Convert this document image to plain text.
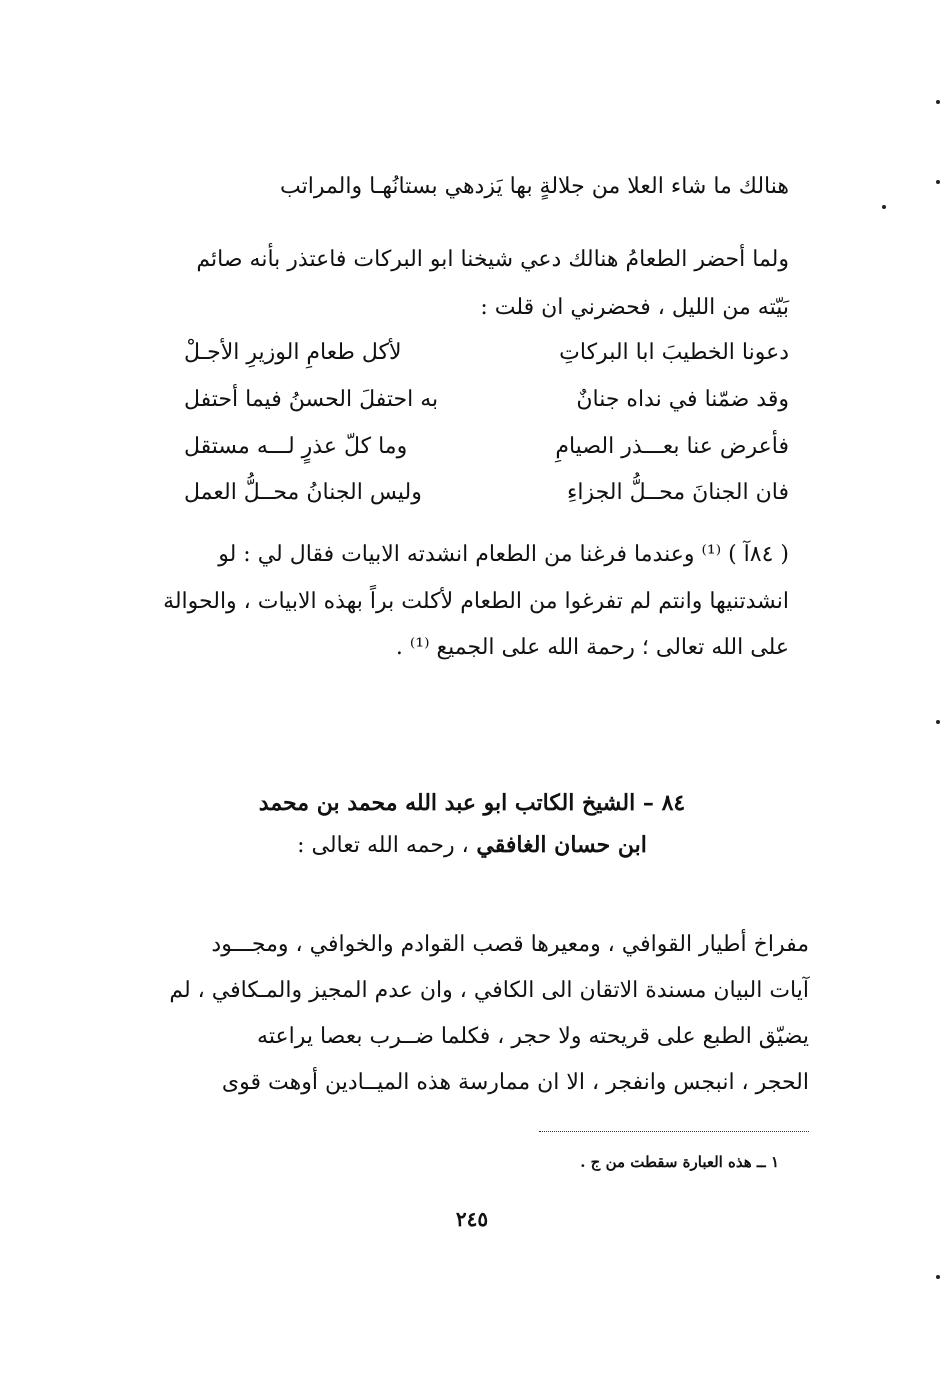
هنالك ما شاء العلا من جلالةٍ بها يَزدهي بستانُهـا والمراتب
ولما أحضر الطعامُ هنالك دعي شيخنا ابو البركات فاعتذر بأنه صائم
بَيّته من الليل ، فحضرني ان قلت :
دعونا الخطيبَ ابا البركاتِ
لأكل طعامِ الوزيرِ الأجـلْ
وقد ضمّنا في نداه جنانٌ
به احتفلَ الحسنُ فيما أحتفل
فأعرض عنا بعـــذر الصيامِ
وما كلّ عذرٍ لـــه مستقل
فان الجنانَ محــلُّ الجزاءِ
وليس الجنانُ محــلُّ العمل
( ٨٤آ ) ⁽¹⁾ وعندما فرغنا من الطعام انشدته الابيات فقال لي : لو
انشدتنيها وانتم لم تفرغوا من الطعام لأكلت براً بهذه الابيات ، والحوالة
على الله تعالى ؛ رحمة الله على الجميع ⁽¹⁾ .
٨٤ – الشيخ الكاتب ابو عبد الله محمد بن محمد
ابن حسان الغافقي ، رحمه الله تعالى :
مفراخ أطيار القوافي ، ومعيرها قصب القوادم والخوافي ، ومجـــود
آيات البيان مسندة الاتقان الى الكافي ، وان عدم المجيز والمـكافي ، لم
يضيّق الطبع على قريحته ولا حجر ، فكلما ضــرب بعصا يراعته
الحجر ، انبجس وانفجر ، الا ان ممارسة هذه الميــادين أوهت قوى
١ ــ هذه العبارة سقطت من ج .
٢٤٥
